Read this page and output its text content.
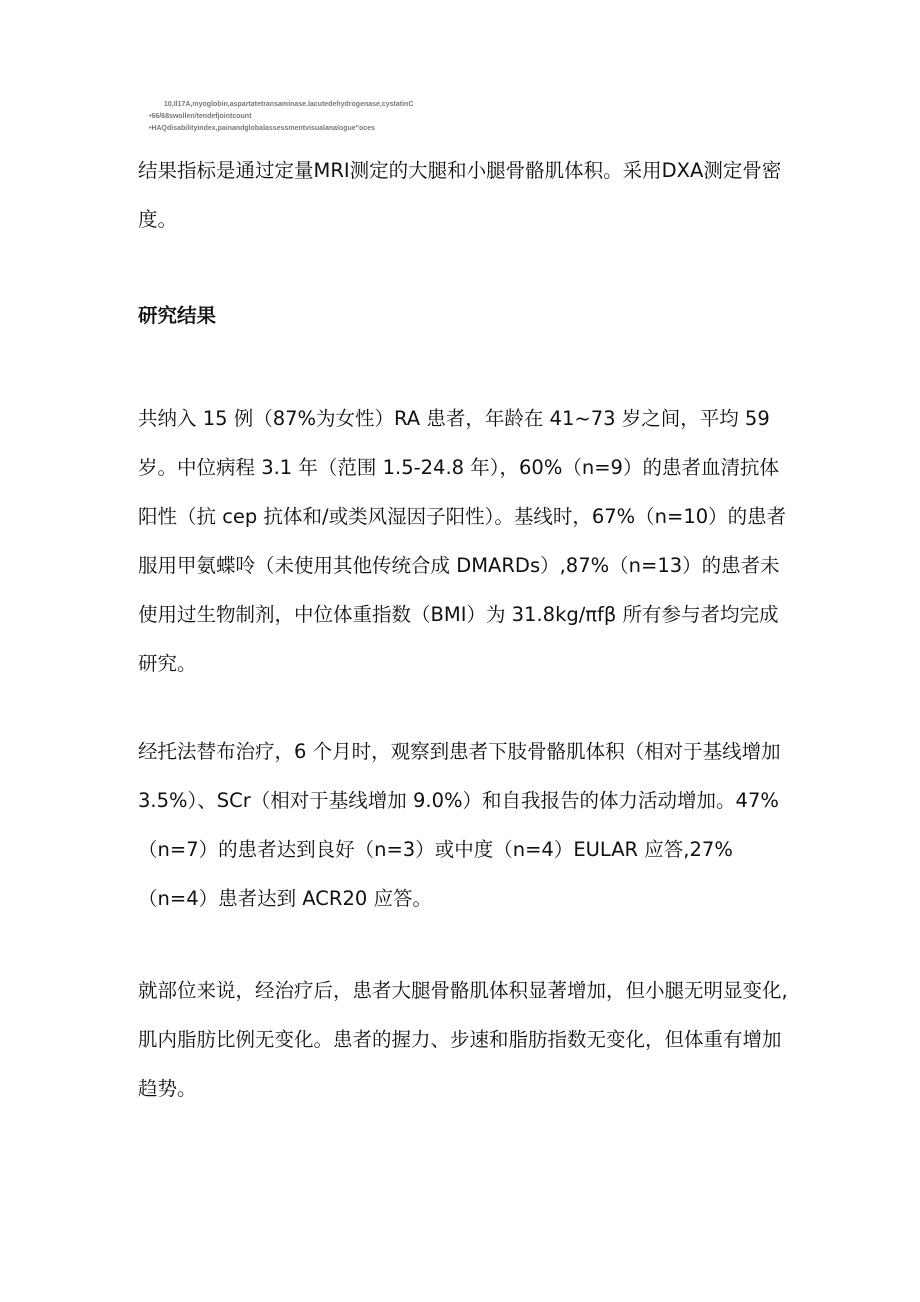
10,Il17A,myoglobin,aspartatetransaminase.lacutedehydrogenase,cystatinC
•66/68swollen/tendefjointcount
•HAQdisabilityindex,painandglobalassessmentvisualanalogue"oces

结果指标是通过定量MRI测定的大腿和小腿骨骼肌体积。采用DXA测定骨密度。

研究结果

共纳入 15 例（87%为女性）RA 患者，年龄在 41~73 岁之间，平均 59 岁。中位病程 3.1 年（范围 1.5-24.8 年），60%（n=9）的患者血清抗体阳性（抗 cep 抗体和/或类风湿因子阳性）。基线时，67%（n=10）的患者服用甲氨蝶呤（未使用其他传统合成 DMARDs）,87%（n=13）的患者未使用过生物制剂，中位体重指数（BMI）为 31.8kg∕πfβ 所有参与者均完成研究。

经托法替布治疗，6 个月时，观察到患者下肢骨骼肌体积（相对于基线增加 3.5%）、SCr（相对于基线增加 9.0%）和自我报告的体力活动增加。47%（n=7）的患者达到良好（n=3）或中度（n=4）EULAR 应答,27%（n=4）患者达到 ACR20 应答。

就部位来说，经治疗后，患者大腿骨骼肌体积显著增加，但小腿无明显变化,肌内脂肪比例无变化。患者的握力、步速和脂肪指数无变化，但体重有增加趋势。
